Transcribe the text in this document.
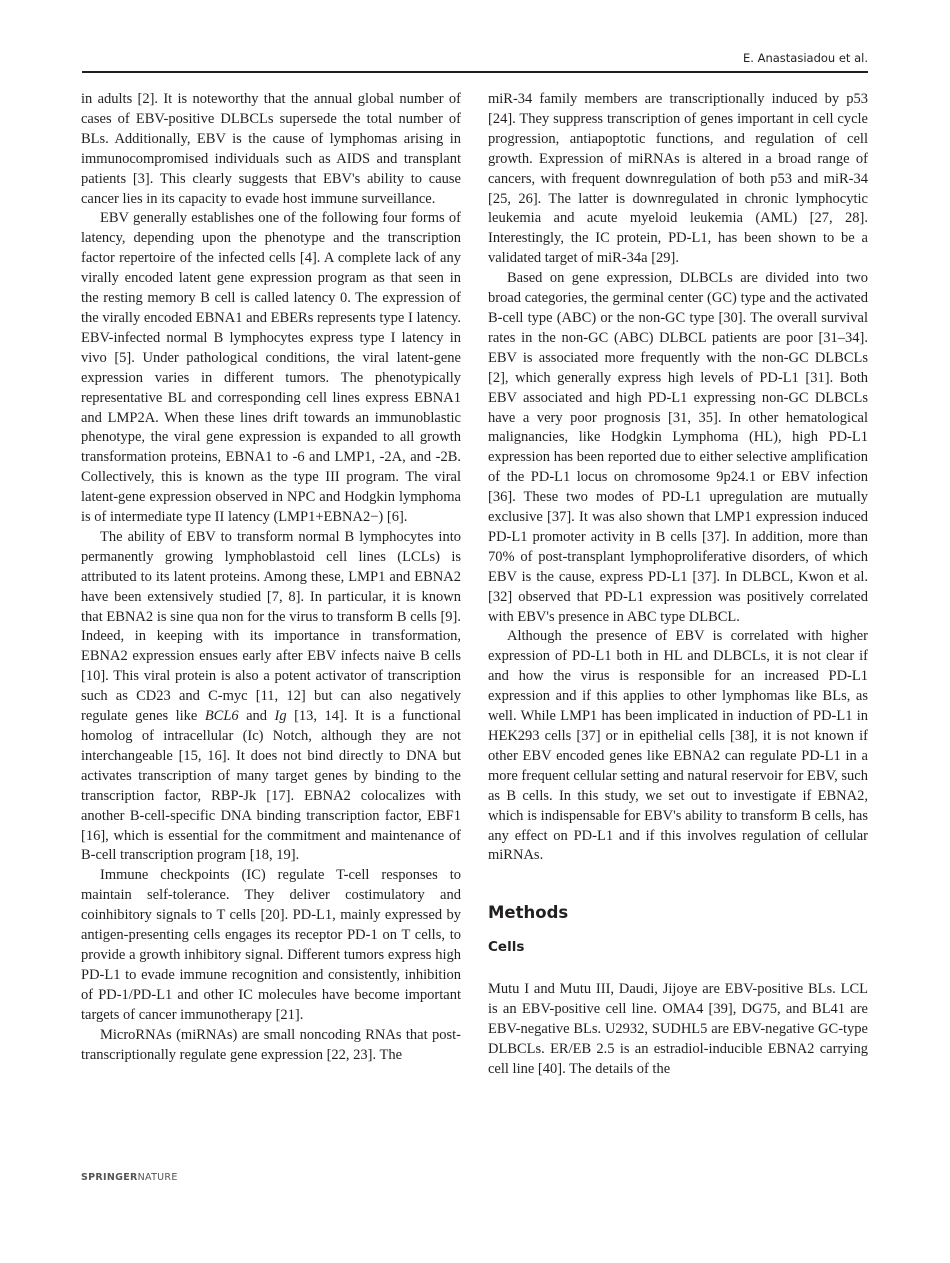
E. Anastasiadou et al.

in adults [2]. It is noteworthy that the annual global number of cases of EBV-positive DLBCLs supersede the total number of BLs. Additionally, EBV is the cause of lymphomas arising in immunocompromised individuals such as AIDS and transplant patients [3]. This clearly suggests that EBV's ability to cause cancer lies in its capacity to evade host immune surveillance.

EBV generally establishes one of the following four forms of latency, depending upon the phenotype and the transcription factor repertoire of the infected cells [4]. A complete lack of any virally encoded latent gene expression program as that seen in the resting memory B cell is called latency 0. The expression of the virally encoded EBNA1 and EBERs represents type I latency. EBV-infected normal B lymphocytes express type I latency in vivo [5]. Under pathological conditions, the viral latent-gene expression varies in different tumors. The phenotypically representative BL and corresponding cell lines express EBNA1 and LMP2A. When these lines drift towards an immunoblastic phenotype, the viral gene expression is expanded to all growth transformation proteins, EBNA1 to -6 and LMP1, -2A, and -2B. Collectively, this is known as the type III program. The viral latent-gene expression observed in NPC and Hodgkin lymphoma is of intermediate type II latency (LMP1+EBNA2−) [6].

The ability of EBV to transform normal B lymphocytes into permanently growing lymphoblastoid cell lines (LCLs) is attributed to its latent proteins. Among these, LMP1 and EBNA2 have been extensively studied [7, 8]. In particular, it is known that EBNA2 is sine qua non for the virus to transform B cells [9]. Indeed, in keeping with its importance in transformation, EBNA2 expression ensues early after EBV infects naive B cells [10]. This viral protein is also a potent activator of transcription such as CD23 and C-myc [11, 12] but can also negatively regulate genes like BCL6 and Ig [13, 14]. It is a functional homolog of intracellular (Ic) Notch, although they are not interchangeable [15, 16]. It does not bind directly to DNA but activates transcription of many target genes by binding to the transcription factor, RBP-Jk [17]. EBNA2 colocalizes with another B-cell-specific DNA binding transcription factor, EBF1 [16], which is essential for the commitment and maintenance of B-cell transcription program [18, 19].

Immune checkpoints (IC) regulate T-cell responses to maintain self-tolerance. They deliver costimulatory and coinhibitory signals to T cells [20]. PD-L1, mainly expressed by antigen-presenting cells engages its receptor PD-1 on T cells, to provide a growth inhibitory signal. Different tumors express high PD-L1 to evade immune recognition and consistently, inhibition of PD-1/PD-L1 and other IC molecules have become important targets of cancer immunotherapy [21].

MicroRNAs (miRNAs) are small noncoding RNAs that post-transcriptionally regulate gene expression [22, 23]. The

miR-34 family members are transcriptionally induced by p53 [24]. They suppress transcription of genes important in cell cycle progression, antiapoptotic functions, and regulation of cell growth. Expression of miRNAs is altered in a broad range of cancers, with frequent downregulation of both p53 and miR-34 [25, 26]. The latter is downregulated in chronic lymphocytic leukemia and acute myeloid leukemia (AML) [27, 28]. Interestingly, the IC protein, PD-L1, has been shown to be a validated target of miR-34a [29].

Based on gene expression, DLBCLs are divided into two broad categories, the germinal center (GC) type and the activated B-cell type (ABC) or the non-GC type [30]. The overall survival rates in the non-GC (ABC) DLBCL patients are poor [31–34]. EBV is associated more frequently with the non-GC DLBCLs [2], which generally express high levels of PD-L1 [31]. Both EBV associated and high PD-L1 expressing non-GC DLBCLs have a very poor prognosis [31, 35]. In other hematological malignancies, like Hodgkin Lymphoma (HL), high PD-L1 expression has been reported due to either selective amplification of the PD-L1 locus on chromosome 9p24.1 or EBV infection [36]. These two modes of PD-L1 upregulation are mutually exclusive [37]. It was also shown that LMP1 expression induced PD-L1 promoter activity in B cells [37]. In addition, more than 70% of post-transplant lymphoproliferative disorders, of which EBV is the cause, express PD-L1 [37]. In DLBCL, Kwon et al. [32] observed that PD-L1 expression was positively correlated with EBV's presence in ABC type DLBCL.

Although the presence of EBV is correlated with higher expression of PD-L1 both in HL and DLBCLs, it is not clear if and how the virus is responsible for an increased PD-L1 expression and if this applies to other lymphomas like BLs, as well. While LMP1 has been implicated in induction of PD-L1 in HEK293 cells [37] or in epithelial cells [38], it is not known if other EBV encoded genes like EBNA2 can regulate PD-L1 in a more frequent cellular setting and natural reservoir for EBV, such as B cells. In this study, we set out to investigate if EBNA2, which is indispensable for EBV's ability to transform B cells, has any effect on PD-L1 and if this involves regulation of cellular miRNAs.

Methods
Cells

Mutu I and Mutu III, Daudi, Jijoye are EBV-positive BLs. LCL is an EBV-positive cell line. OMA4 [39], DG75, and BL41 are EBV-negative BLs. U2932, SUDHL5 are EBV-negative GC-type DLBCLs. ER/EB 2.5 is an estradiol-inducible EBNA2 carrying cell line [40]. The details of the

SPRINGERNATURE
